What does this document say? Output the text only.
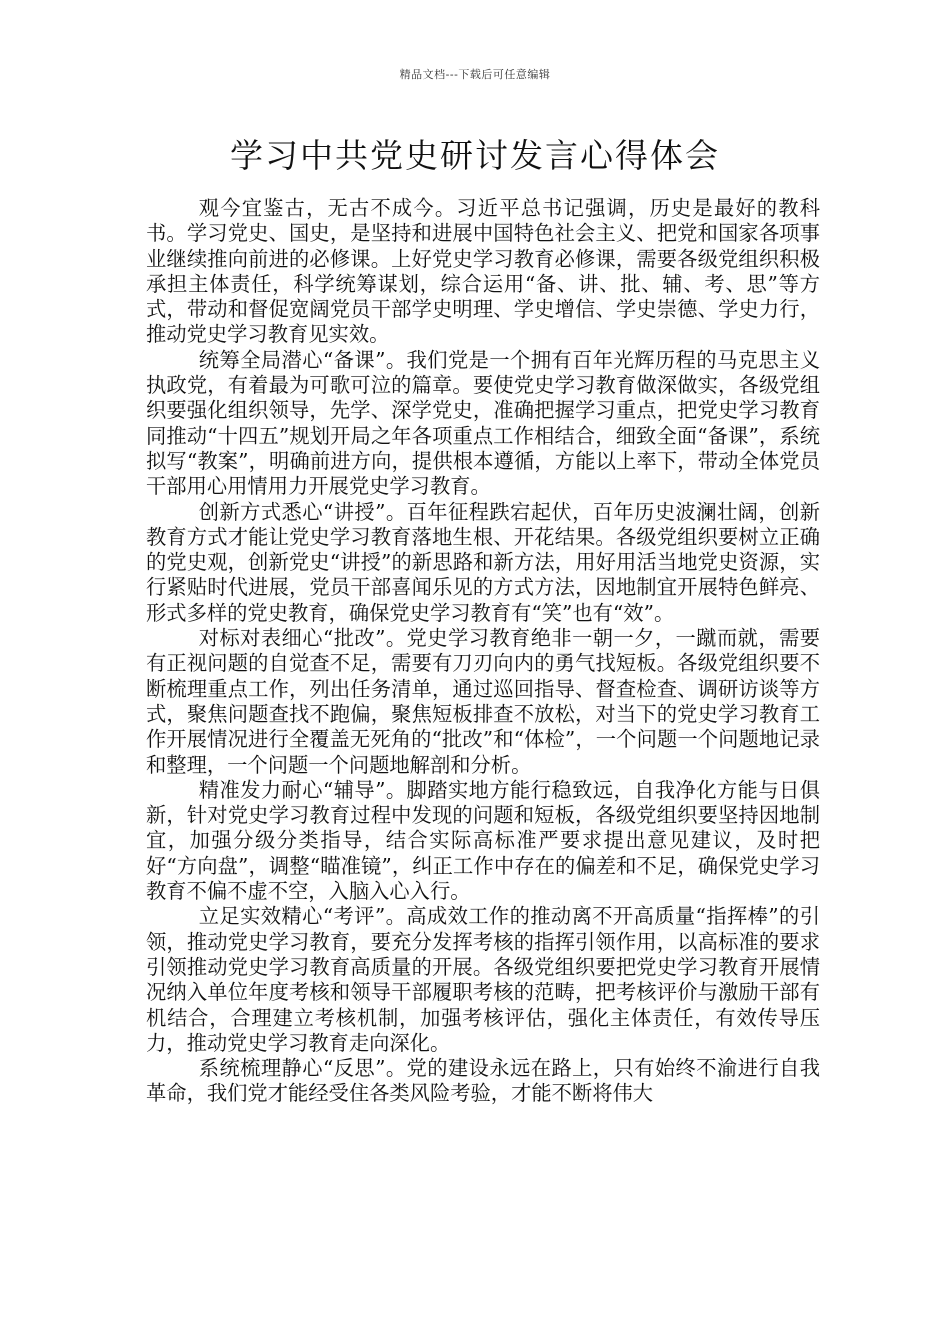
精品文档---下载后可任意编辑
学习中共党史研讨发言心得体会

观今宜鉴古，无古不成今。习近平总书记强调，历史是最好的教科书。学习党史、国史，是坚持和进展中国特色社会主义、把党和国家各项事业继续推向前进的必修课。上好党史学习教育必修课，需要各级党组织积极承担主体责任，科学统筹谋划，综合运用“备、讲、批、辅、考、思”等方式，带动和督促宽阔党员干部学史明理、学史增信、学史崇德、学史力行，推动党史学习教育见实效。

统筹全局潜心“备课”。我们党是一个拥有百年光辉历程的马克思主义执政党，有着最为可歌可泣的篇章。要使党史学习教育做深做实，各级党组织要强化组织领导，先学、深学党史，准确把握学习重点，把党史学习教育同推动“十四五”规划开局之年各项重点工作相结合，细致全面“备课”，系统拟写“教案”，明确前进方向，提供根本遵循，方能以上率下，带动全体党员干部用心用情用力开展党史学习教育。

创新方式悉心“讲授”。百年征程跌宕起伏，百年历史波澜壮阔，创新教育方式才能让党史学习教育落地生根、开花结果。各级党组织要树立正确的党史观，创新党史“讲授”的新思路和新方法，用好用活当地党史资源，实行紧贴时代进展，党员干部喜闻乐见的方式方法，因地制宜开展特色鲜亮、形式多样的党史教育，确保党史学习教育有“笑”也有“效”。

对标对表细心“批改”。党史学习教育绝非一朝一夕，一蹴而就，需要有正视问题的自觉查不足，需要有刀刃向内的勇气找短板。各级党组织要不断梳理重点工作，列出任务清单，通过巡回指导、督查检查、调研访谈等方式，聚焦问题查找不跑偏，聚焦短板排查不放松，对当下的党史学习教育工作开展情况进行全覆盖无死角的“批改”和“体检”，一个问题一个问题地记录和整理，一个问题一个问题地解剖和分析。

精准发力耐心“辅导”。脚踏实地方能行稳致远，自我净化方能与日俱新，针对党史学习教育过程中发现的问题和短板，各级党组织要坚持因地制宜，加强分级分类指导，结合实际高标准严要求提出意见建议，及时把好“方向盘”，调整“瞄准镜”，纠正工作中存在的偏差和不足，确保党史学习教育不偏不虚不空，入脑入心入行。

立足实效精心“考评”。高成效工作的推动离不开高质量“指挥棒”的引领，推动党史学习教育，要充分发挥考核的指挥引领作用，以高标准的要求引领推动党史学习教育高质量的开展。各级党组织要把党史学习教育开展情况纳入单位年度考核和领导干部履职考核的范畴，把考核评价与激励干部有机结合，合理建立考核机制，加强考核评估，强化主体责任，有效传导压力，推动党史学习教育走向深化。

系统梳理静心“反思”。党的建设永远在路上，只有始终不渝进行自我革命，我们党才能经受住各类风险考验，才能不断将伟大
